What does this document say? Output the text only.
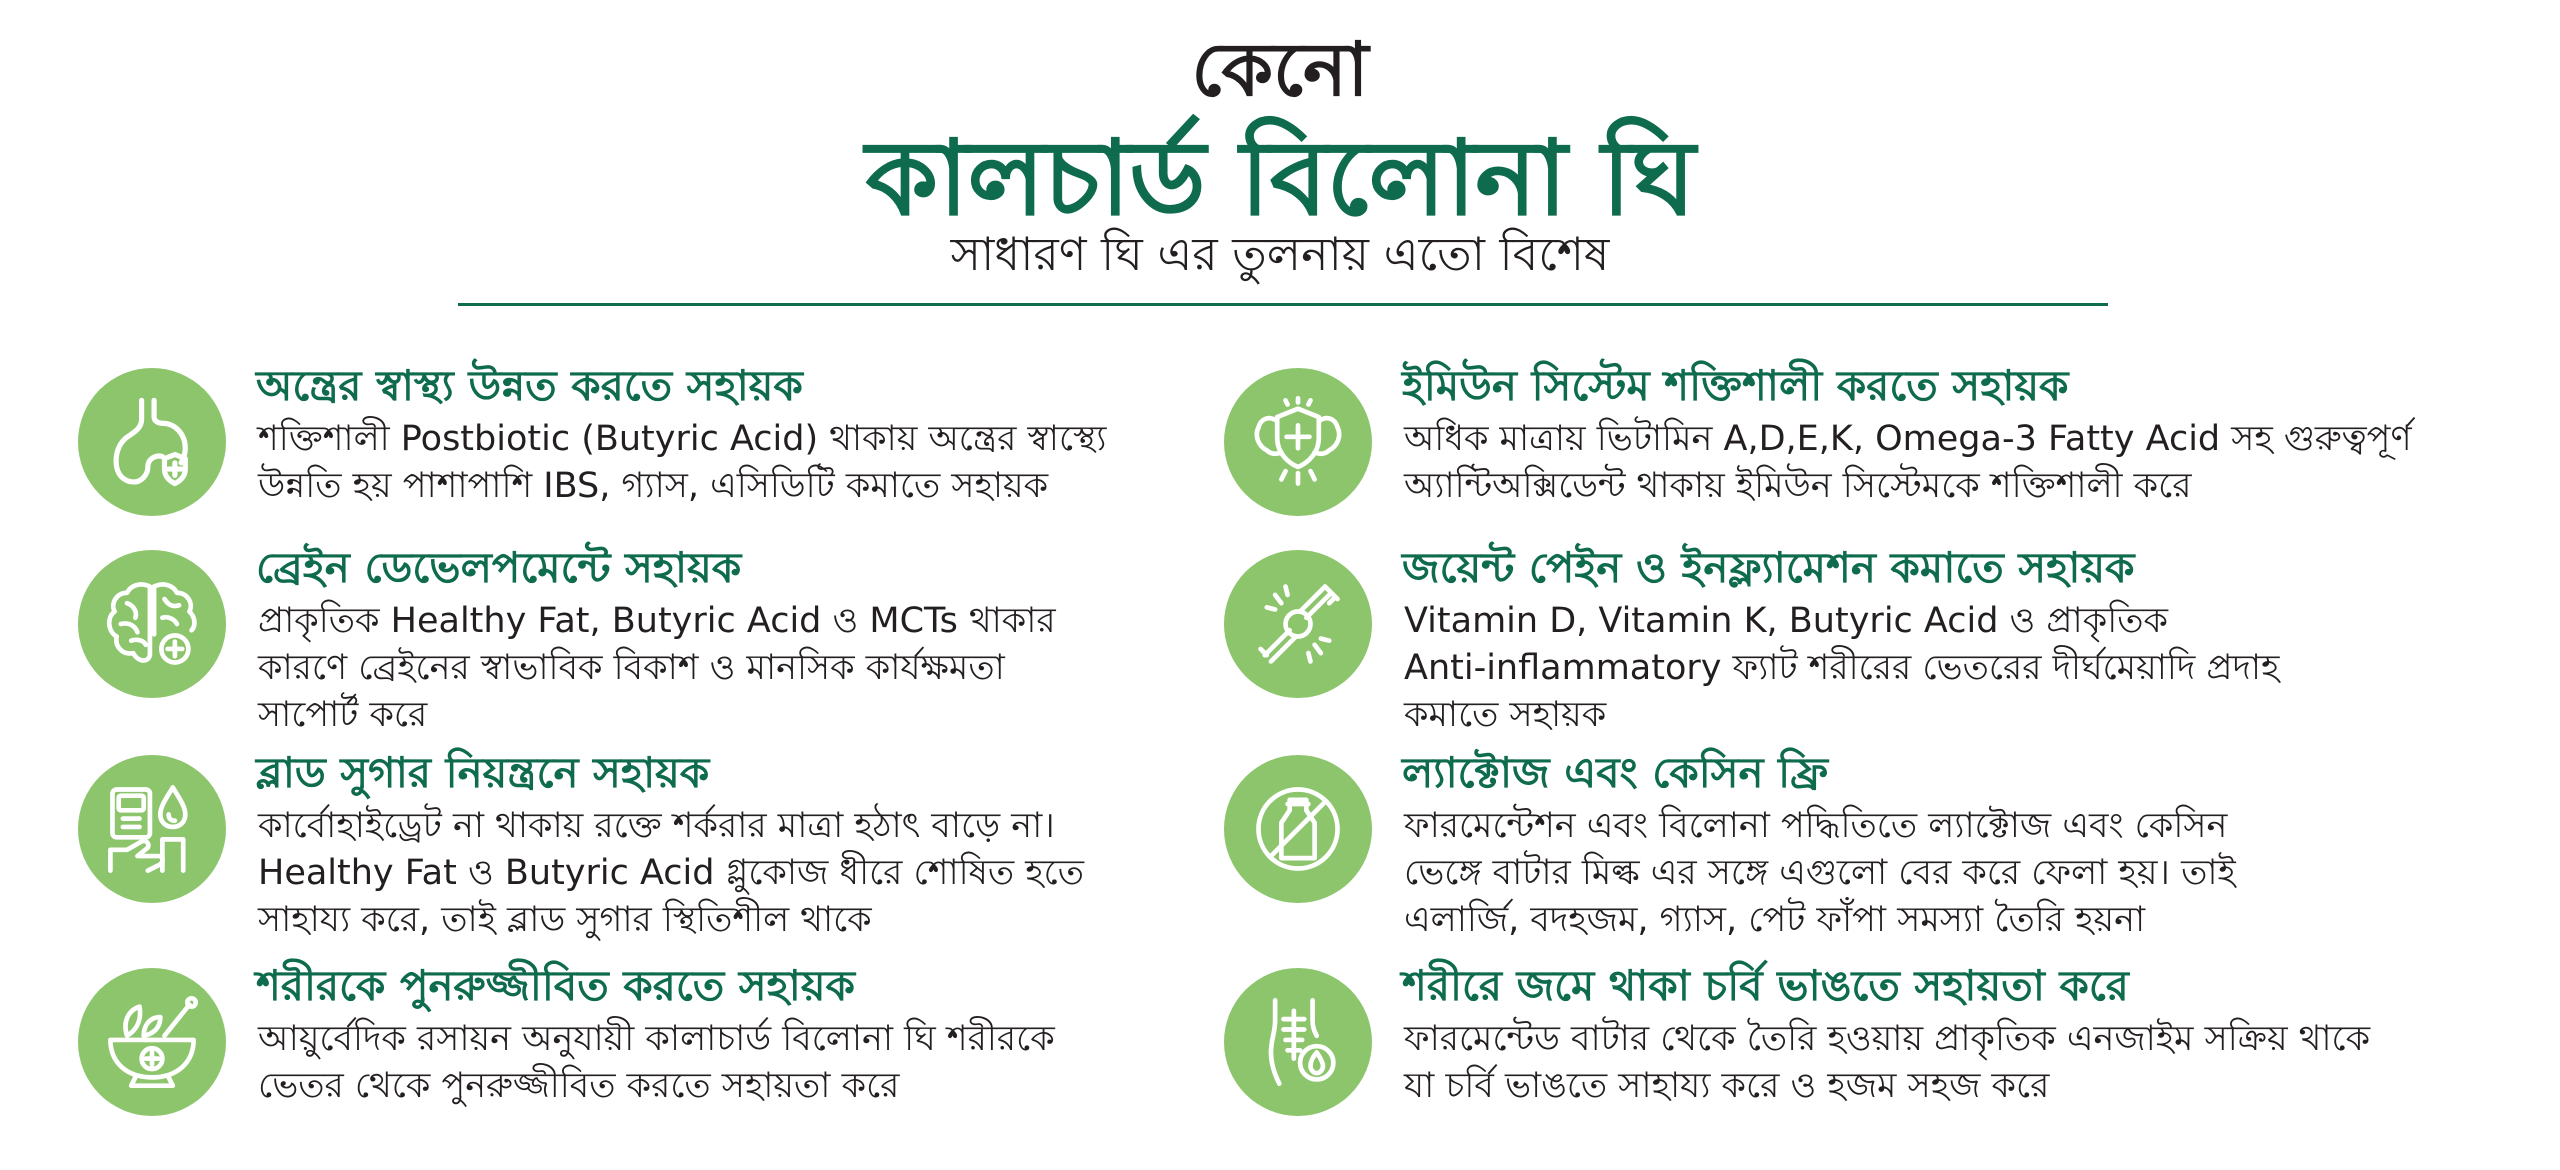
কেনো
কালচার্ড বিলোনা ঘি
সাধারণ ঘি এর তুলনায় এতো বিশেষ
অন্ত্রের স্বাস্থ্য উন্নত করতে সহায়ক
শক্তিশালী Postbiotic (Butyric Acid) থাকায় অন্ত্রের স্বাস্থ্যে
উন্নতি হয় পাশাপাশি IBS, গ্যাস, এসিডিটি কমাতে সহায়ক
ব্রেইন ডেভেলপমেন্টে সহায়ক
প্রাকৃতিক Healthy Fat, Butyric Acid ও MCTs থাকার
কারণে ব্রেইনের স্বাভাবিক বিকাশ ও মানসিক কার্যক্ষমতা
সাপোর্ট করে
ব্লাড সুগার নিয়ন্ত্রনে সহায়ক
কার্বোহাইড্রেট না থাকায় রক্তে শর্করার মাত্রা হঠাৎ বাড়ে না।
Healthy Fat ও Butyric Acid গ্লুকোজ ধীরে শোষিত হতে
সাহায্য করে, তাই ব্লাড সুগার স্থিতিশীল থাকে
শরীরকে পুনরুজ্জীবিত করতে সহায়ক
আয়ুর্বেদিক রসায়ন অনুযায়ী কালাচার্ড বিলোনা ঘি শরীরকে
ভেতর থেকে পুনরুজ্জীবিত করতে সহায়তা করে
ইমিউন সিস্টেম শক্তিশালী করতে সহায়ক
অধিক মাত্রায় ভিটামিন A,D,E,K, Omega-3 Fatty Acid সহ গুরুত্বপূর্ণ
অ্যান্টিঅক্সিডেন্ট থাকায় ইমিউন সিস্টেমকে শক্তিশালী করে
জয়েন্ট পেইন ও ইনফ্ল্যামেশন কমাতে সহায়ক
Vitamin D, Vitamin K, Butyric Acid ও প্রাকৃতিক
Anti-inflammatory ফ্যাট শরীরের ভেতরের দীর্ঘমেয়াদি প্রদাহ
কমাতে সহায়ক
ল্যাক্টোজ এবং কেসিন ফ্রি
ফারমেন্টেশন এবং বিলোনা পদ্ধিতিতে ল্যাক্টোজ এবং কেসিন
ভেঙ্গে বাটার মিল্ক এর সঙ্গে এগুলো বের করে ফেলা হয়। তাই
এলার্জি, বদহজম, গ্যাস, পেট ফাঁপা সমস্যা তৈরি হয়না
শরীরে জমে থাকা চর্বি ভাঙতে সহায়তা করে
ফারমেন্টেড বাটার থেকে তৈরি হওয়ায় প্রাকৃতিক এনজাইম সক্রিয় থাকে
যা চর্বি ভাঙতে সাহায্য করে ও হজম সহজ করে
